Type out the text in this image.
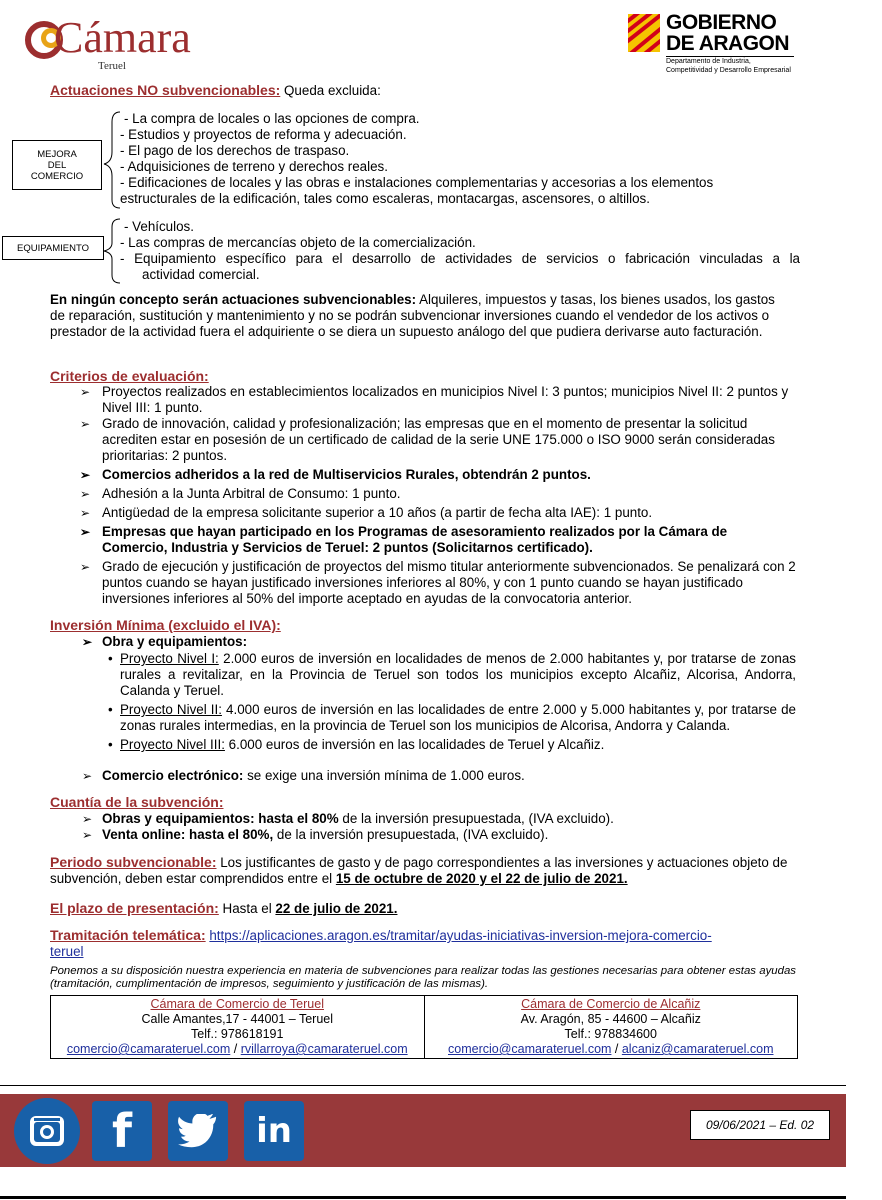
Cámara
Teruel
GOBIERNO
DE ARAGON
Departamento de Industria,
Competitividad y Desarrollo Empresarial
Actuaciones NO subvencionables: Queda excluida:
MEJORA
DEL
COMERCIO
- La compra de locales o las opciones de compra.
- Estudios y proyectos de reforma y adecuación.
- El pago de los derechos de traspaso.
- Adquisiciones de terreno y derechos reales.
- Edificaciones de locales y las obras e instalaciones complementarias y accesorias a los elementos
estructurales de la edificación, tales como escaleras, montacargas, ascensores, o altillos.
EQUIPAMIENTO
- Vehículos.
- Las compras de mercancías objeto de la comercialización.
- Equipamiento específico para el desarrollo de actividades de servicios o fabricación vinculadas a la
actividad comercial.
En ningún concepto serán actuaciones subvencionables: Alquileres, impuestos y tasas, los bienes usados, los gastos de reparación, sustitución y mantenimiento y no se podrán subvencionar inversiones cuando el vendedor de los activos o prestador de la actividad fuera el adquiriente o se diera un supuesto análogo del que pudiera derivarse auto facturación.
Criterios de evaluación:
➢ Proyectos realizados en establecimientos localizados en municipios Nivel I: 3 puntos; municipios Nivel II: 2 puntos y Nivel III: 1 punto.
➢ Grado de innovación, calidad y profesionalización; las empresas que en el momento de presentar la solicitud acrediten estar en posesión de un certificado de calidad de la serie UNE 175.000 o ISO 9000 serán consideradas prioritarias: 2 puntos.
➢ Comercios adheridos a la red de Multiservicios Rurales, obtendrán 2 puntos.
➢ Adhesión a la Junta Arbitral de Consumo: 1 punto.
➢ Antigüedad de la empresa solicitante superior a 10 años (a partir de fecha alta IAE): 1 punto.
➢ Empresas que hayan participado en los Programas de asesoramiento realizados por la Cámara de Comercio, Industria y Servicios de Teruel: 2 puntos (Solicitarnos certificado).
➢ Grado de ejecución y justificación de proyectos del mismo titular anteriormente subvencionados. Se penalizará con 2 puntos cuando se hayan justificado inversiones inferiores al 80%, y con 1 punto cuando se hayan justificado inversiones inferiores al 50% del importe aceptado en ayudas de la convocatoria anterior.
Inversión Mínima (excluido el IVA):
➢ Obra y equipamientos:
• Proyecto Nivel I: 2.000 euros de inversión en localidades de menos de 2.000 habitantes y, por tratarse de zonas rurales a revitalizar, en la Provincia de Teruel son todos los municipios excepto Alcañiz, Alcorisa, Andorra, Calanda y Teruel.
• Proyecto Nivel II: 4.000 euros de inversión en las localidades de entre 2.000 y 5.000 habitantes y, por tratarse de zonas rurales intermedias, en la provincia de Teruel son los municipios de Alcorisa, Andorra y Calanda.
• Proyecto Nivel III: 6.000 euros de inversión en las localidades de Teruel y Alcañiz.
➢ Comercio electrónico: se exige una inversión mínima de 1.000 euros.
Cuantía de la subvención:
➢ Obras y equipamientos: hasta el 80% de la inversión presupuestada, (IVA excluido).
➢ Venta online: hasta el 80%, de la inversión presupuestada, (IVA excluido).
Periodo subvencionable: Los justificantes de gasto y de pago correspondientes a las inversiones y actuaciones objeto de subvención, deben estar comprendidos entre el 15 de octubre de 2020 y el 22 de julio de 2021.
El plazo de presentación: Hasta el 22 de julio de 2021.
Tramitación telemática: https://aplicaciones.aragon.es/tramitar/ayudas-iniciativas-inversion-mejora-comercio-
teruel
Ponemos a su disposición nuestra experiencia en materia de subvenciones para realizar todas las gestiones necesarias para obtener estas ayudas (tramitación, cumplimentación de impresos, seguimiento y justificación de las mismas).
Cámara de Comercio de Teruel
Calle Amantes,17 - 44001 – Teruel
Telf.: 978618191
comercio@camarateruel.com / rvillarroya@camarateruel.com

Cámara de Comercio de Alcañiz
Av. Aragón, 85 - 44600 – Alcañiz
Telf.: 978834600
comercio@camarateruel.com / alcaniz@camarateruel.com
f	in	09/06/2021 – Ed. 02
